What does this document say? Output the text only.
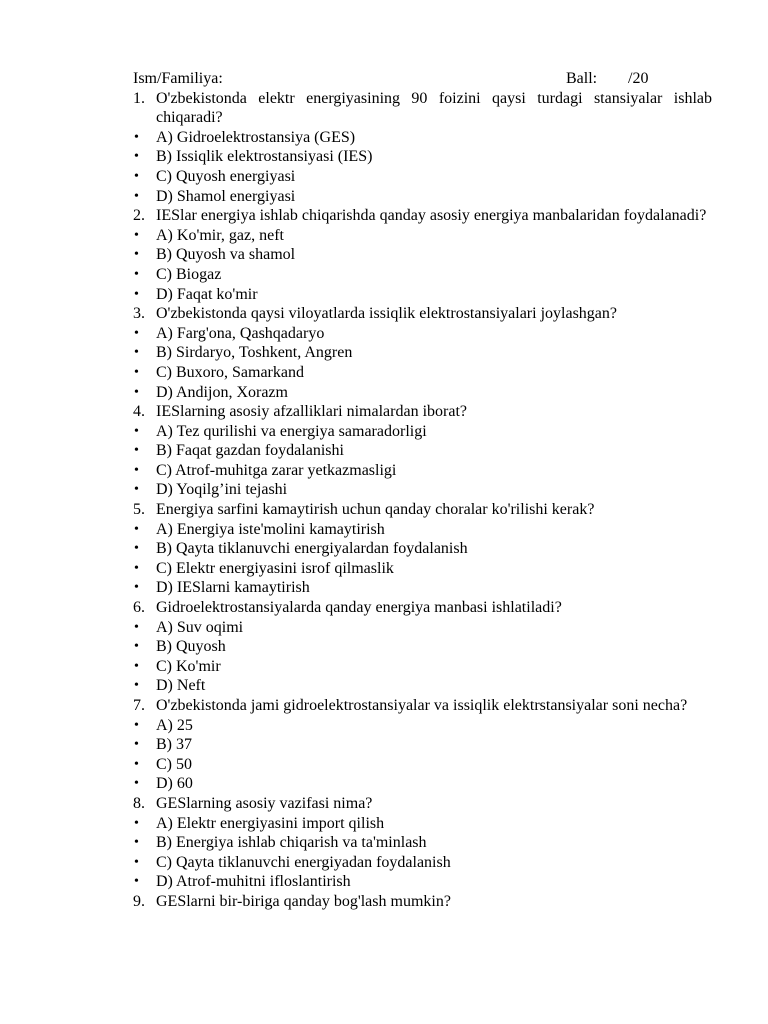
Ism/Familiya:	Ball: /20
1. O'zbekistonda elektr energiyasining 90 foizini qaysi turdagi stansiyalar ishlab chiqaradi?
• A) Gidroelektrostansiya (GES)
• B) Issiqlik elektrostansiyasi (IES)
• C) Quyosh energiyasi
• D) Shamol energiyasi
2. IESlar energiya ishlab chiqarishda qanday asosiy energiya manbalaridan foydalanadi?
• A) Ko'mir, gaz, neft
• B) Quyosh va shamol
• C) Biogaz
• D) Faqat ko'mir
3. O'zbekistonda qaysi viloyatlarda issiqlik elektrostansiyalari joylashgan?
• A) Farg'ona, Qashqadaryo
• B) Sirdaryo, Toshkent, Angren
• C) Buxoro, Samarkand
• D) Andijon, Xorazm
4. IESlarning asosiy afzalliklari nimalardan iborat?
• A) Tez qurilishi va energiya samaradorligi
• B) Faqat gazdan foydalanishi
• C) Atrof-muhitga zarar yetkazmasligi
• D) Yoqilg’ini tejashi
5. Energiya sarfini kamaytirish uchun qanday choralar ko'rilishi kerak?
• A) Energiya iste'molini kamaytirish
• B) Qayta tiklanuvchi energiyalardan foydalanish
• C) Elektr energiyasini isrof qilmaslik
• D) IESlarni kamaytirish
6. Gidroelektrostansiyalarda qanday energiya manbasi ishlatiladi?
• A) Suv oqimi
• B) Quyosh
• C) Ko'mir
• D) Neft
7. O'zbekistonda jami gidroelektrostansiyalar va issiqlik elektrstansiyalar soni necha?
• A) 25
• B) 37
• C) 50
• D) 60
8. GESlarning asosiy vazifasi nima?
• A) Elektr energiyasini import qilish
• B) Energiya ishlab chiqarish va ta'minlash
• C) Qayta tiklanuvchi energiyadan foydalanish
• D) Atrof-muhitni ifloslantirish
9. GESlarni bir-biriga qanday bog'lash mumkin?
